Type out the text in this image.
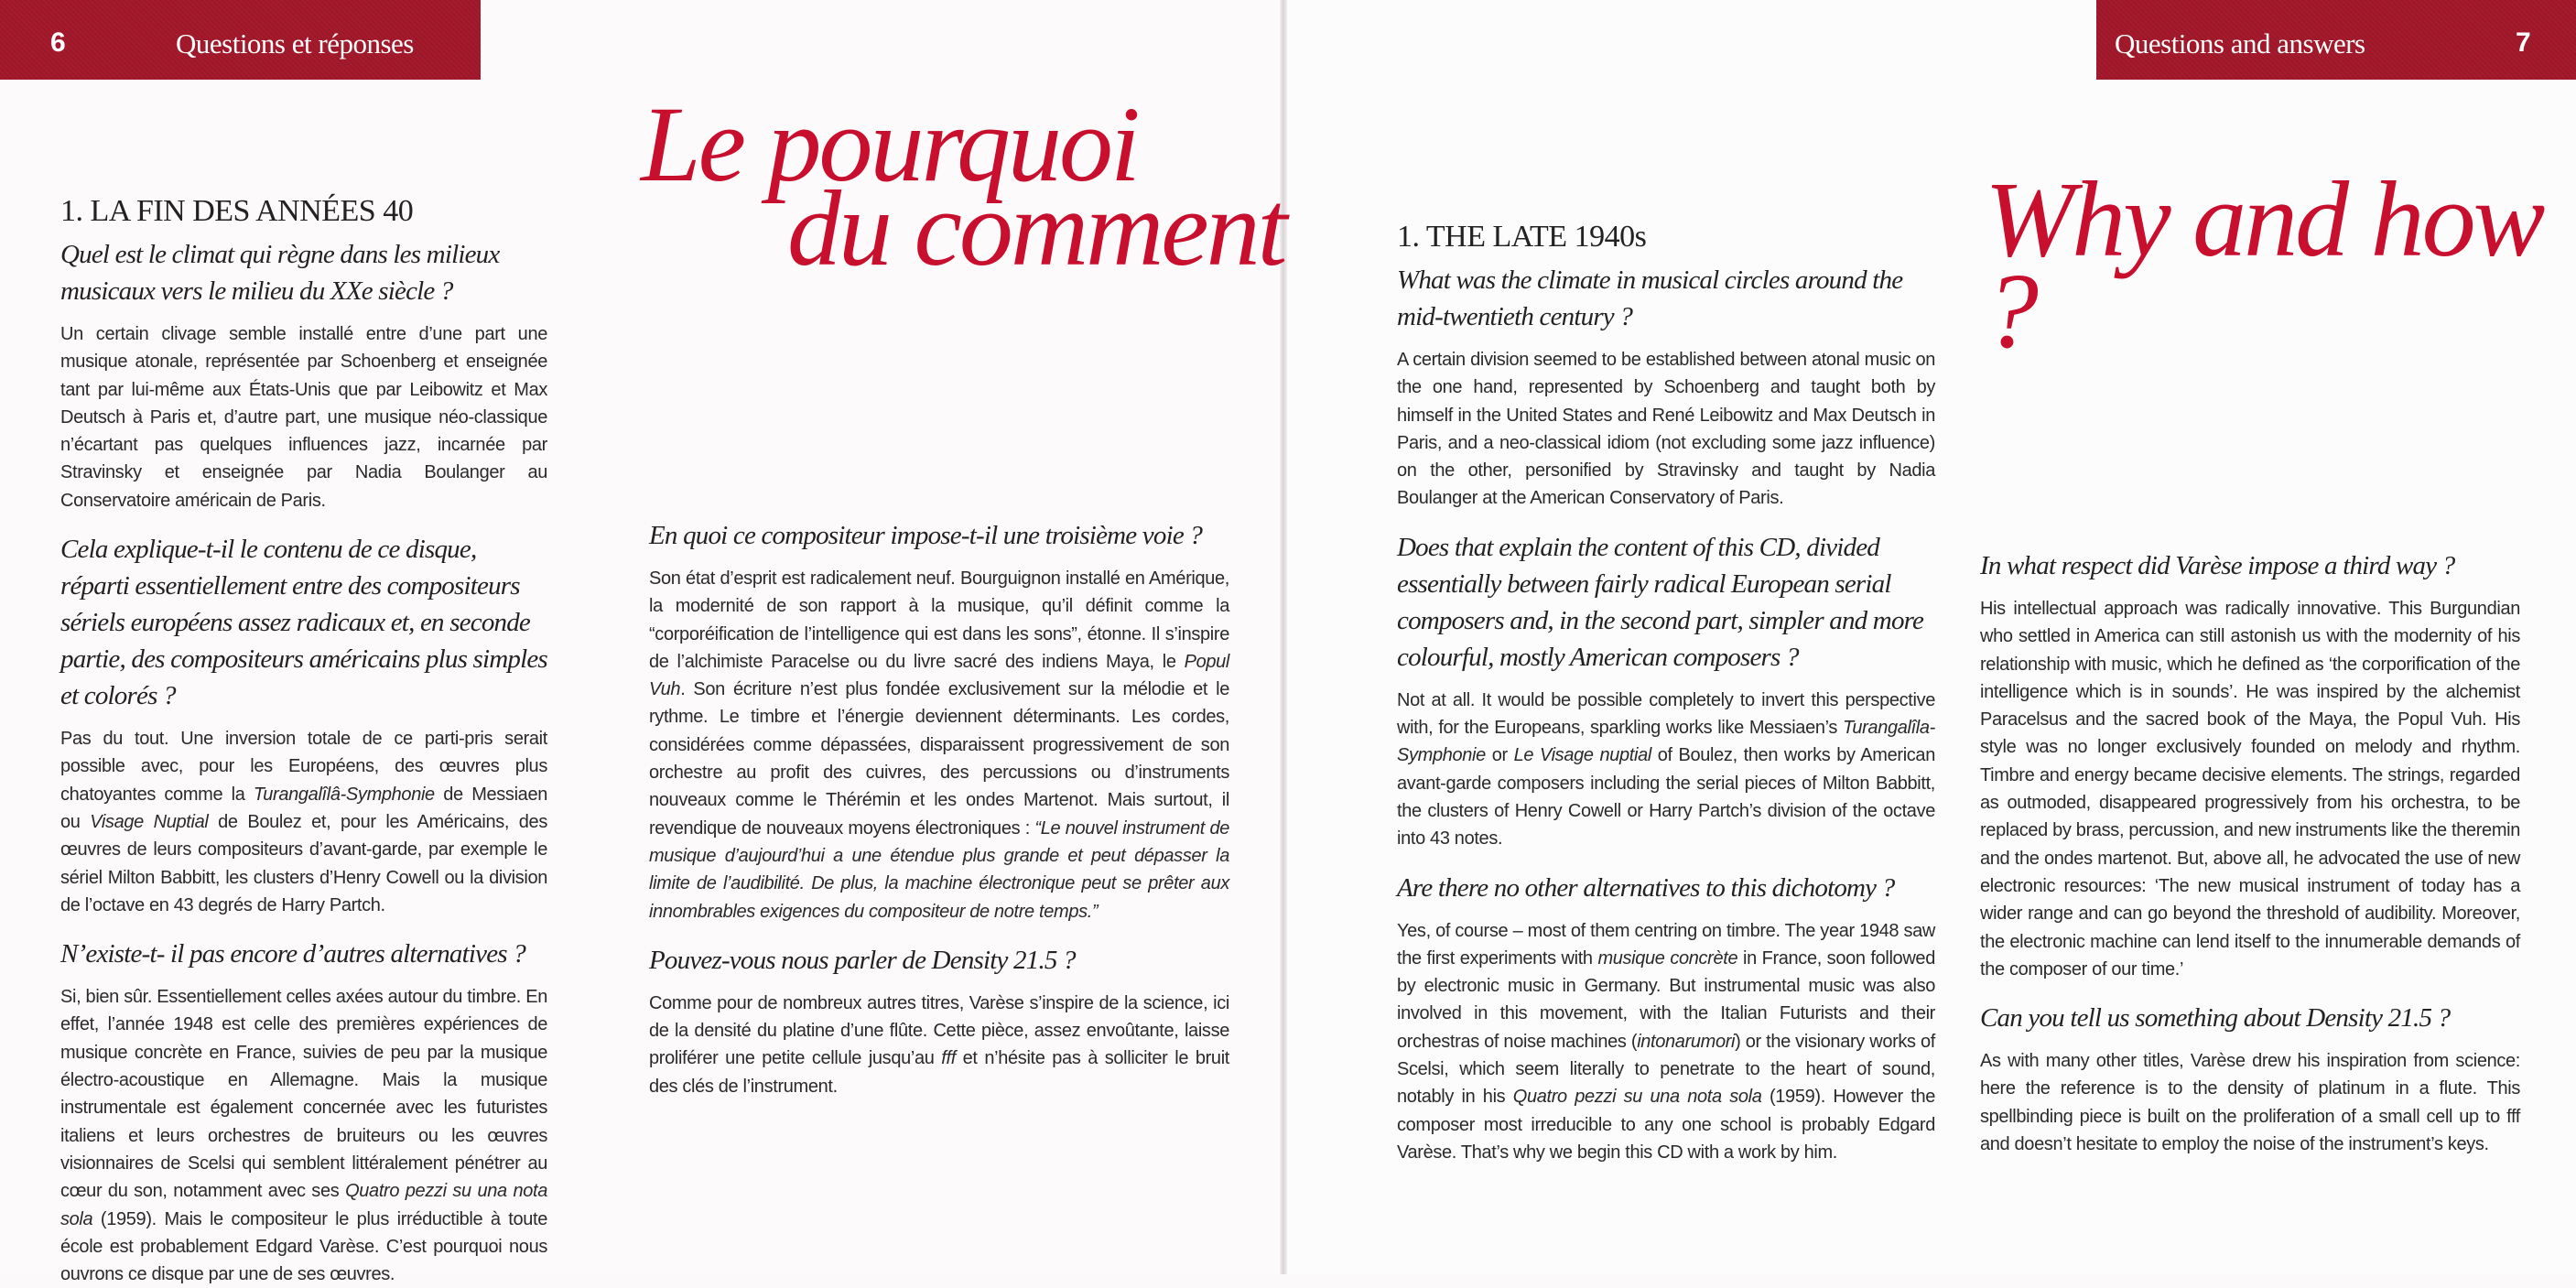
6	Questions et réponses	Questions and answers	7
Le pourquoi
du comment	Why and how ?
1. LA FIN DES ANNÉES 40
Quel est le climat qui règne dans les milieux musicaux vers le milieu du XXe siècle ?

Un certain clivage semble installé entre d’une part une musique atonale, représentée par Schoenberg et enseignée tant par lui-même aux États-Unis que par Leibowitz et Max Deutsch à Paris et, d’autre part, une musique néo-classique n’écartant pas quelques influences jazz, incarnée par Stravinsky et enseignée par Nadia Boulanger au Conservatoire américain de Paris.

Cela explique-t-il le contenu de ce disque, réparti essentiellement entre des compositeurs sériels européens assez radicaux et, en seconde partie, des compositeurs américains plus simples et colorés ?

Pas du tout. Une inversion totale de ce parti-pris serait possible avec, pour les Européens, des œuvres plus chatoyantes comme la Turangalîlâ-Symphonie de Messiaen ou Visage Nuptial de Boulez et, pour les Américains, des œuvres de leurs compositeurs d’avant-garde, par exemple le sériel Milton Babbitt, les clusters d’Henry Cowell ou la division de l’octave en 43 degrés de Harry Partch.

N’existe-t- il pas encore d’autres alternatives ?

Si, bien sûr. Essentiellement celles axées autour du timbre. En effet, l’année 1948 est celle des premières expériences de musique concrète en France, suivies de peu par la musique électro-acoustique en Allemagne. Mais la musique instrumentale est également concernée avec les futuristes italiens et leurs orchestres de bruiteurs ou les œuvres visionnaires de Scelsi qui semblent littéralement pénétrer au cœur du son, notamment avec ses Quatro pezzi su una nota sola (1959). Mais le compositeur le plus irréductible à toute école est probablement Edgard Varèse. C’est pourquoi nous ouvrons ce disque par une de ses œuvres.

En quoi ce compositeur impose-t-il une troisième voie ?

Son état d’esprit est radicalement neuf. Bourguignon installé en Amérique, la modernité de son rapport à la musique, qu’il définit comme la “corporéification de l’intelligence qui est dans les sons”, étonne. Il s’inspire de l’alchimiste Paracelse ou du livre sacré des indiens Maya, le Popul Vuh. Son écriture n’est plus fondée exclusivement sur la mélodie et le rythme. Le timbre et l’énergie deviennent déterminants. Les cordes, considérées comme dépassées, disparaissent progressivement de son orchestre au profit des cuivres, des percussions ou d’instruments nouveaux comme le Thérémin et les ondes Martenot. Mais surtout, il revendique de nouveaux moyens électroniques : “Le nouvel instrument de musique d’aujourd’hui a une étendue plus grande et peut dépasser la limite de l’audibilité. De plus, la machine électronique peut se prêter aux innombrables exigences du compositeur de notre temps.”

Pouvez-vous nous parler de Density 21.5 ?

Comme pour de nombreux autres titres, Varèse s’inspire de la science, ici de la densité du platine d’une flûte. Cette pièce, assez envoûtante, laisse proliférer une petite cellule jusqu’au fff et n’hésite pas à solliciter le bruit des clés de l’instrument.

1. THE LATE 1940s
What was the climate in musical circles around the mid-twentieth century ?

A certain division seemed to be established between atonal music on the one hand, represented by Schoenberg and taught both by himself in the United States and René Leibowitz and Max Deutsch in Paris, and a neo-classical idiom (not excluding some jazz influence) on the other, personified by Stravinsky and taught by Nadia Boulanger at the American Conservatory of Paris.

Does that explain the content of this CD, divided essentially between fairly radical European serial composers and, in the second part, simpler and more colourful, mostly American composers ?

Not at all. It would be possible completely to invert this perspective with, for the Europeans, sparkling works like Messiaen’s Turangalîla-Symphonie or Le Visage nuptial of Boulez, then works by American avant-garde composers including the serial pieces of Milton Babbitt, the clusters of Henry Cowell or Harry Partch’s division of the octave into 43 notes.

Are there no other alternatives to this dichotomy ?

Yes, of course – most of them centring on timbre. The year 1948 saw the first experiments with musique concrète in France, soon followed by electronic music in Germany. But instrumental music was also involved in this movement, with the Italian Futurists and their orchestras of noise machines (intonarumori) or the visionary works of Scelsi, which seem literally to penetrate to the heart of sound, notably in his Quatro pezzi su una nota sola (1959). However the composer most irreducible to any one school is probably Edgard Varèse. That’s why we begin this CD with a work by him.

In what respect did Varèse impose a third way ?

His intellectual approach was radically innovative. This Burgundian who settled in America can still astonish us with the modernity of his relationship with music, which he defined as ‘the corporification of the intelligence which is in sounds’. He was inspired by the alchemist Paracelsus and the sacred book of the Maya, the Popul Vuh. His style was no longer exclusively founded on melody and rhythm. Timbre and energy became decisive elements. The strings, regarded as outmoded, disappeared progressively from his orchestra, to be replaced by brass, percussion, and new instruments like the theremin and the ondes martenot. But, above all, he advocated the use of new electronic resources: ‘The new musical instrument of today has a wider range and can go beyond the threshold of audibility. Moreover, the electronic machine can lend itself to the innumerable demands of the composer of our time.’

Can you tell us something about Density 21.5 ?

As with many other titles, Varèse drew his inspiration from science: here the reference is to the density of platinum in a flute. This spellbinding piece is built on the proliferation of a small cell up to fff and doesn’t hesitate to employ the noise of the instrument’s keys.
